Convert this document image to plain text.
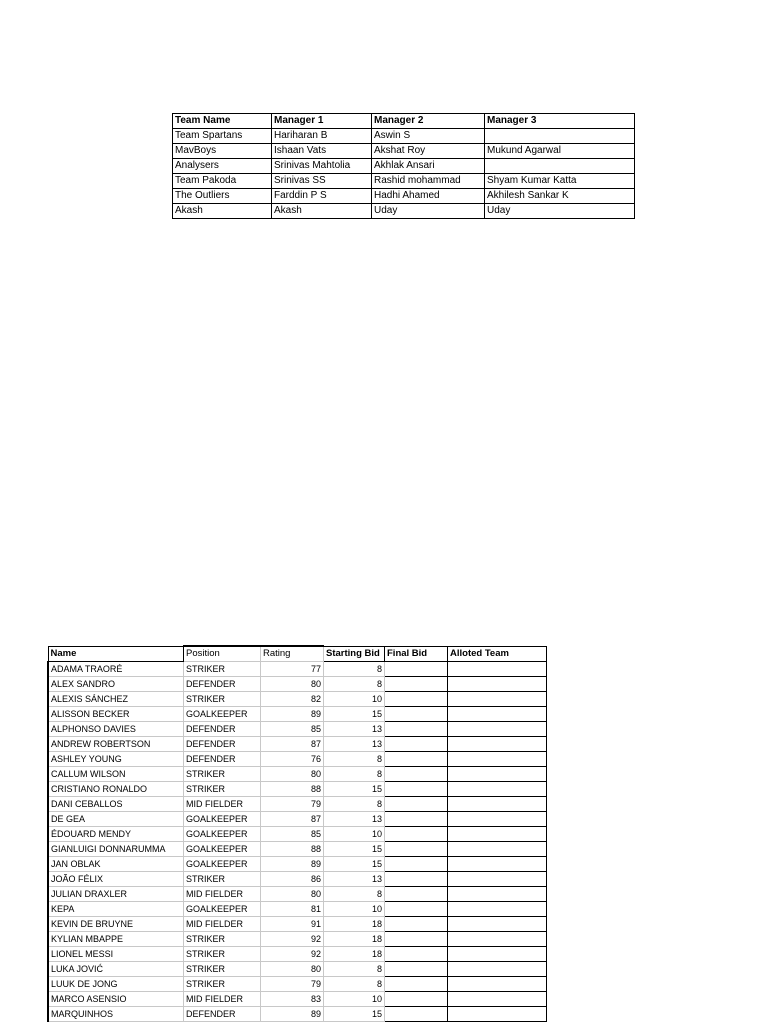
Team Name	Manager 1	Manager 2	Manager 3
Team Spartans	Hariharan B	Aswin S	
MavBoys	Ishaan Vats	Akshat Roy	Mukund Agarwal
Analysers	Srinivas Mahtolia	Akhlak Ansari	
Team Pakoda	Srinivas SS	Rashid mohammad	Shyam Kumar Katta
The Outliers	Farddin P S	Hadhi Ahamed	Akhilesh Sankar K
Akash	Akash	Uday	Uday
Name	Position	Rating	Starting Bid	Final Bid	Alloted Team
ADAMA TRAORÉ	STRIKER	77	8		
ALEX SANDRO	DEFENDER	80	8		
ALEXIS SÁNCHEZ	STRIKER	82	10		
ALISSON BECKER	GOALKEEPER	89	15		
ALPHONSO DAVIES	DEFENDER	85	13		
ANDREW ROBERTSON	DEFENDER	87	13		
ASHLEY YOUNG	DEFENDER	76	8		
CALLUM WILSON	STRIKER	80	8		
CRISTIANO RONALDO	STRIKER	88	15		
DANI CEBALLOS	MID FIELDER	79	8		
DE GEA	GOALKEEPER	87	13		
ÉDOUARD MENDY	GOALKEEPER	85	10		
GIANLUIGI DONNARUMMA	GOALKEEPER	88	15		
JAN OBLAK	GOALKEEPER	89	15		
JOÃO FÉLIX	STRIKER	86	13		
JULIAN DRAXLER	MID FIELDER	80	8		
KEPA	GOALKEEPER	81	10		
KEVIN DE BRUYNE	MID FIELDER	91	18		
KYLIAN MBAPPE	STRIKER	92	18		
LIONEL MESSI	STRIKER	92	18		
LUKA JOVIĆ	STRIKER	80	8		
LUUK DE JONG	STRIKER	79	8		
MARCO ASENSIO	MID FIELDER	83	10		
MARQUINHOS	DEFENDER	89	15		
